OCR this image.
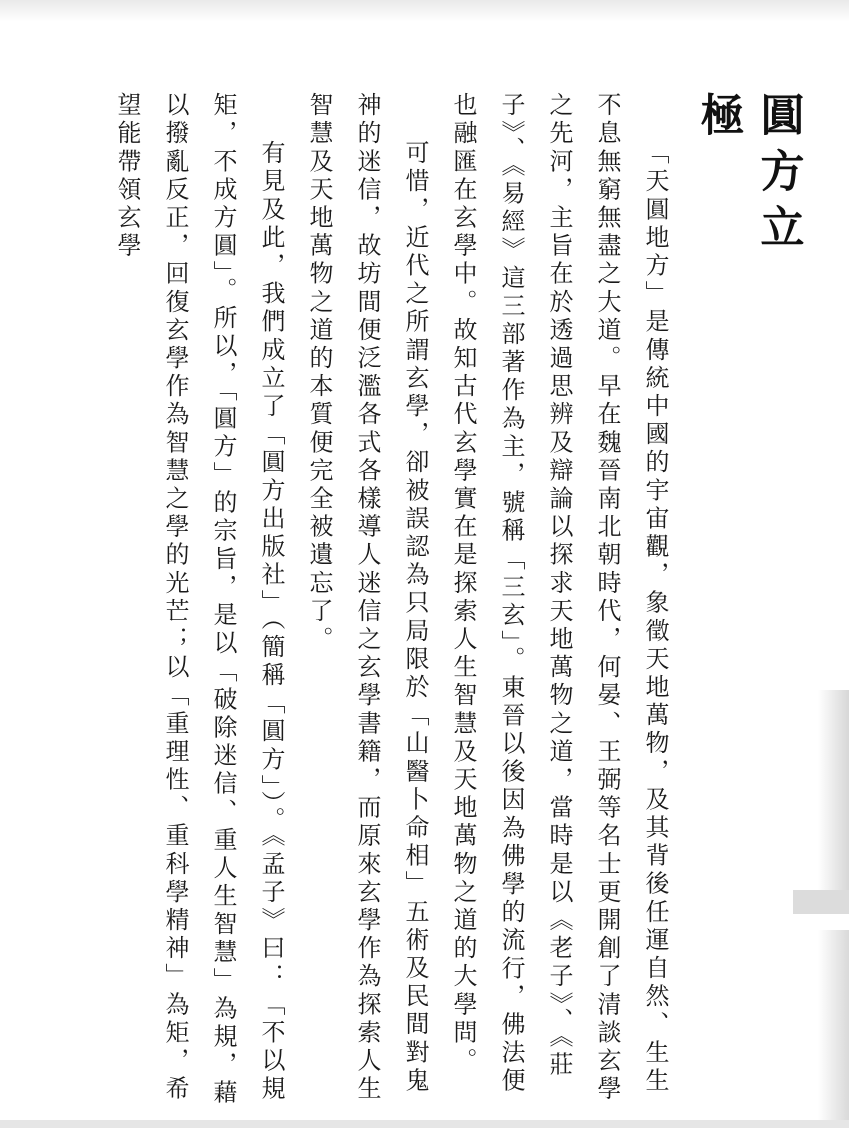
圓方立極

「天圓地方」是傳統中國的宇宙觀，象徵天地萬物，及其背後任運自然、生生不息無窮無盡之大道。早在魏晉南北朝時代，何晏、王弼等名士更開創了清談玄學之先河，主旨在於透過思辨及辯論以探求天地萬物之道，當時是以《老子》、《莊子》、《易經》這三部著作為主，號稱「三玄」。東晉以後因為佛學的流行，佛法便也融匯在玄學中。故知古代玄學實在是探索人生智慧及天地萬物之道的大學問。

可惜，近代之所謂玄學，卻被誤認為只局限於「山醫卜命相」五術及民間對鬼神的迷信，故坊間便泛濫各式各樣導人迷信之玄學書籍，而原來玄學作為探索人生智慧及天地萬物之道的本質便完全被遺忘了。

有見及此，我們成立了「圓方出版社」（簡稱「圓方」）。《孟子》曰：「不以規矩，不成方圓」。所以，「圓方」的宗旨，是以「破除迷信、重人生智慧」為規，藉以撥亂反正，回復玄學作為智慧之學的光芒；以「重理性、重科學精神」為矩，希望能帶領玄學
